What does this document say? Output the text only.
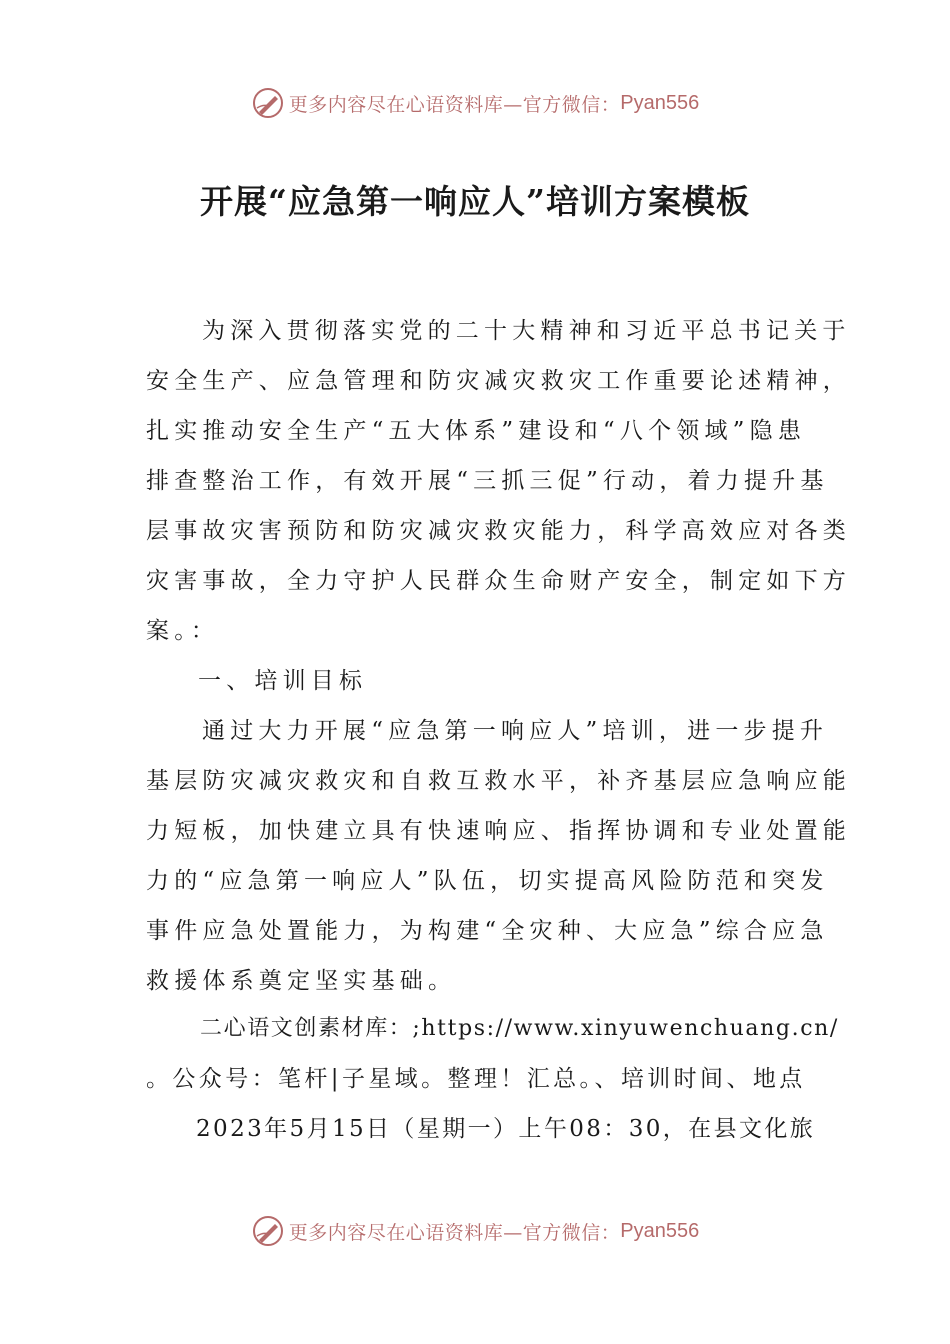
更多内容尽在心语资料库—官方微信： Pyan556
开展“应急第一响应人”培训方案模板
为深入贯彻落实党的二十大精神和习近平总书记关于
安全生产、应急管理和防灾减灾救灾工作重要论述精神，
扎实推动安全生产“五大体系”建设和“八个领域”隐患
排查整治工作，有效开展“三抓三促”行动，着力提升基
层事故灾害预防和防灾减灾救灾能力，科学高效应对各类
灾害事故，全力守护人民群众生命财产安全，制定如下方
案。：
一、培训目标
通过大力开展“应急第一响应人”培训，进一步提升
基层防灾减灾救灾和自救互救水平，补齐基层应急响应能
力短板，加快建立具有快速响应、指挥协调和专业处置能
力的“应急第一响应人”队伍，切实提高风险防范和突发
事件应急处置能力，为构建“全灾种、大应急”综合应急
救援体系奠定坚实基础。
二心语文创素材库：;https://www.xinyuwenchuang.cn/
。公众号：笔杆|子星域。整理！汇总。、培训时间、地点
2023年5月15日（星期一）上午08：30，在县文化旅
更多内容尽在心语资料库—官方微信： Pyan556
